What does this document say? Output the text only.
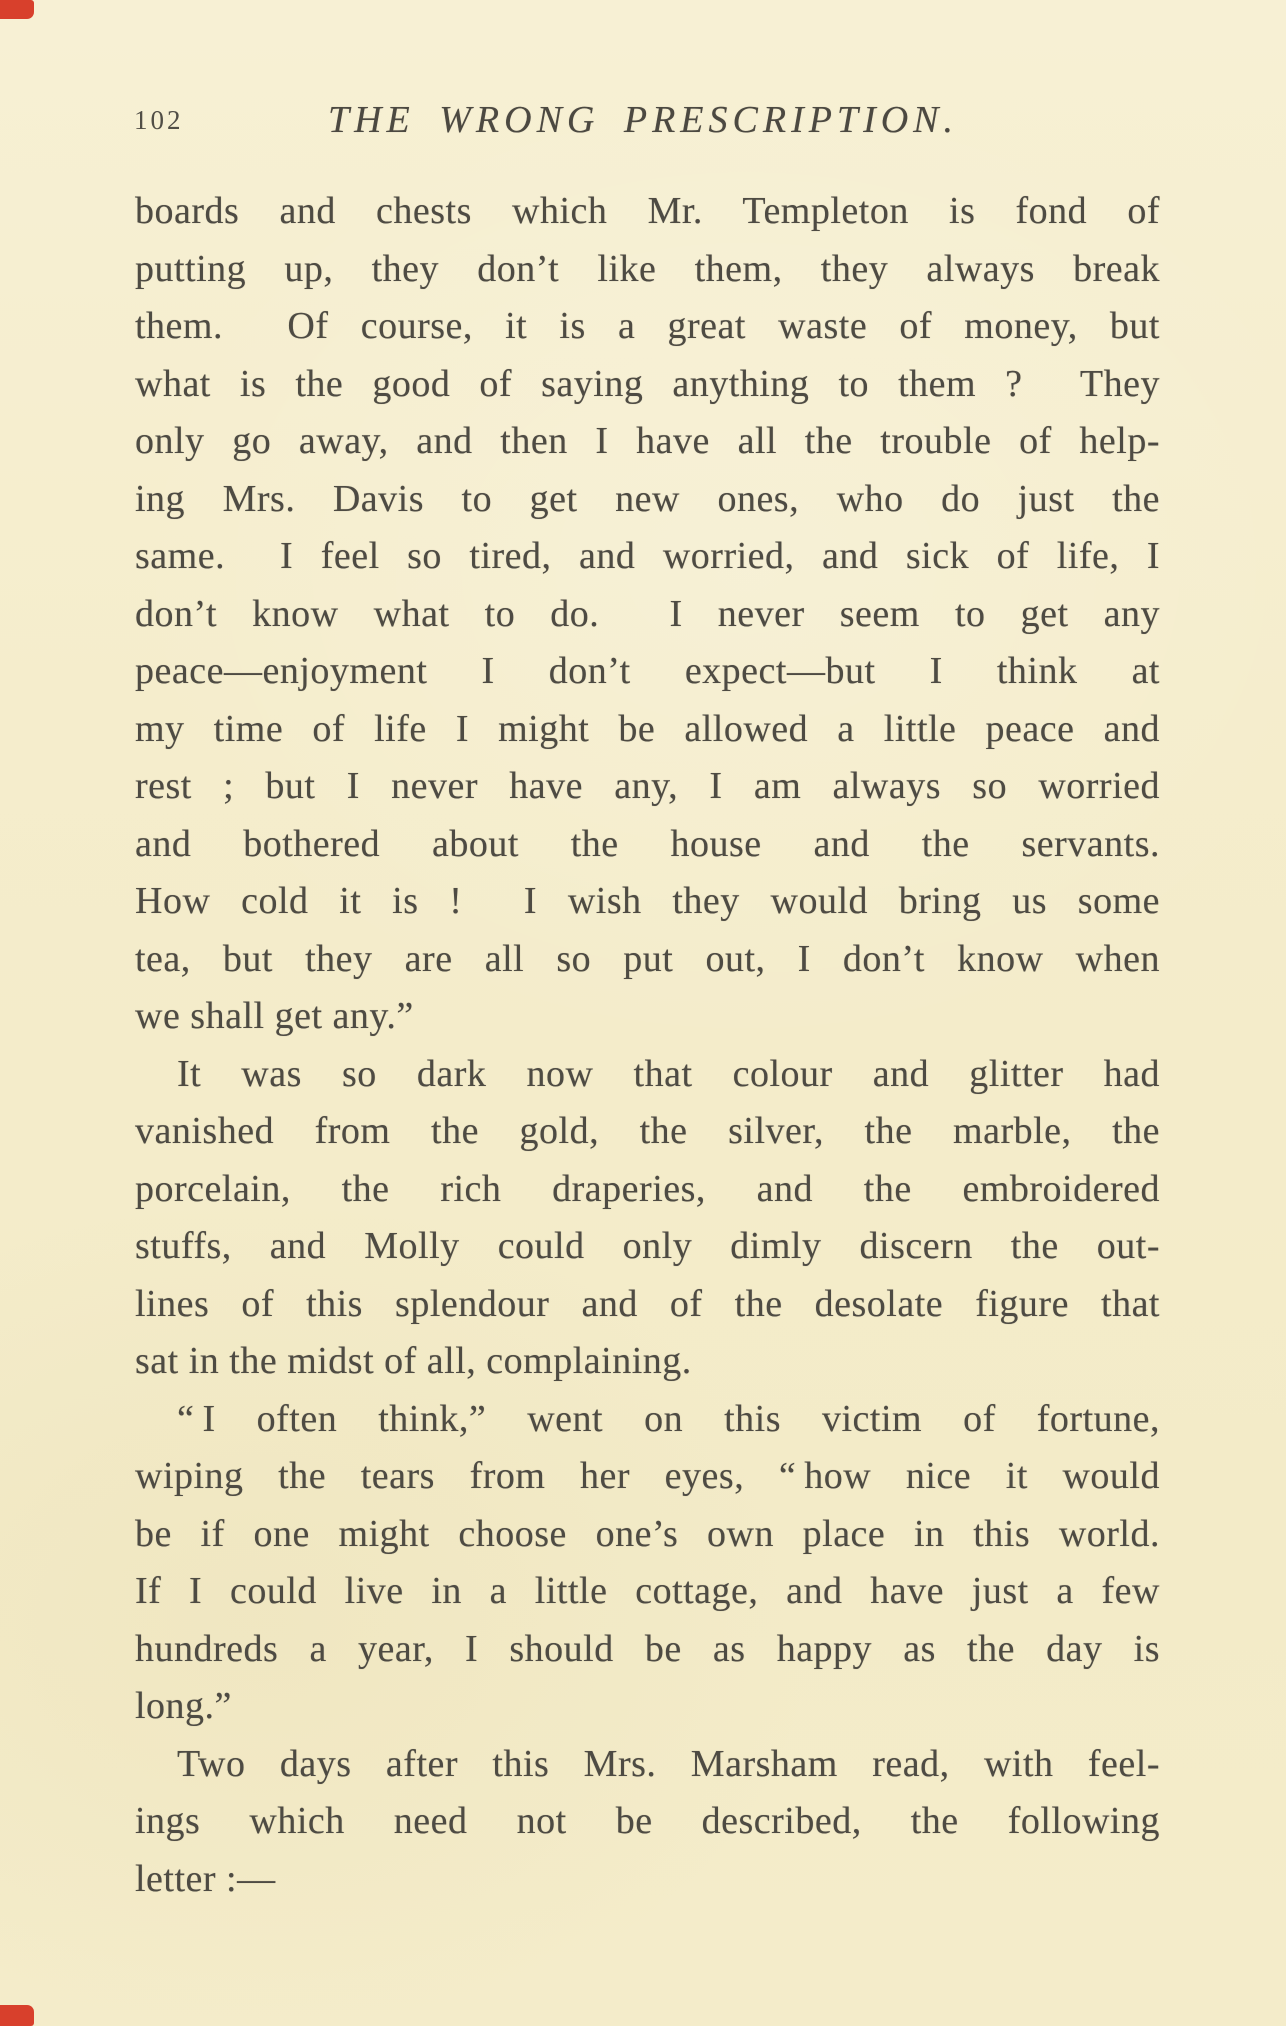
102	THE WRONG PRESCRIPTION.
boards and chests which Mr. Templeton is fond of
putting up, they don’t like them, they always break
them.  Of course, it is a great waste of money, but
what is the good of saying anything to them ?  They
only go away, and then I have all the trouble of help-
ing Mrs. Davis to get new ones, who do just the
same.  I feel so tired, and worried, and sick of life, I
don’t know what to do.  I never seem to get any
peace—enjoyment I don’t expect—but I think at
my time of life I might be allowed a little peace and
rest ; but I never have any, I am always so worried
and bothered about the house and the servants.
How cold it is !  I wish they would bring us some
tea, but they are all so put out, I don’t know when
we shall get any.”
It was so dark now that colour and glitter had
vanished from the gold, the silver, the marble, the
porcelain, the rich draperies, and the embroidered
stuffs, and Molly could only dimly discern the out-
lines of this splendour and of the desolate figure that
sat in the midst of all, complaining.
“ I often think,” went on this victim of fortune,
wiping the tears from her eyes, “ how nice it would
be if one might choose one’s own place in this world.
If I could live in a little cottage, and have just a few
hundreds a year, I should be as happy as the day is
long.”
Two days after this Mrs. Marsham read, with feel-
ings which need not be described, the following
letter :—
